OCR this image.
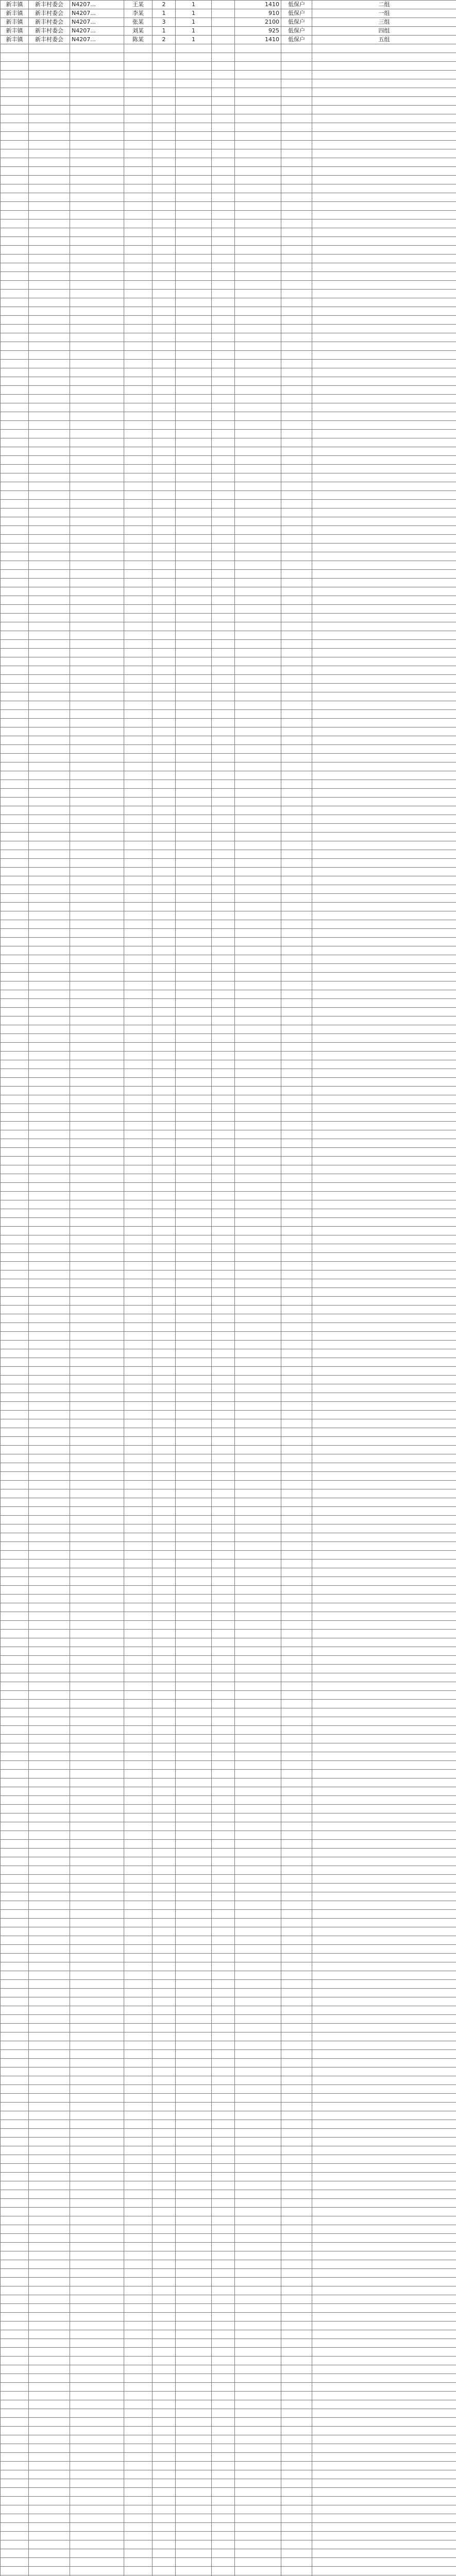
新丰镇	新丰村委会	N4207...	王某	2	1		1410	低保户	二组
新丰镇	新丰村委会	N4207...	李某	1	1		910	低保户	一组
新丰镇	新丰村委会	N4207...	张某	3	1		2100	低保户	三组
新丰镇	新丰村委会	N4207...	刘某	1	1		925	低保户	四组
新丰镇	新丰村委会	N4207...	陈某	2	1		1410	低保户	五组
